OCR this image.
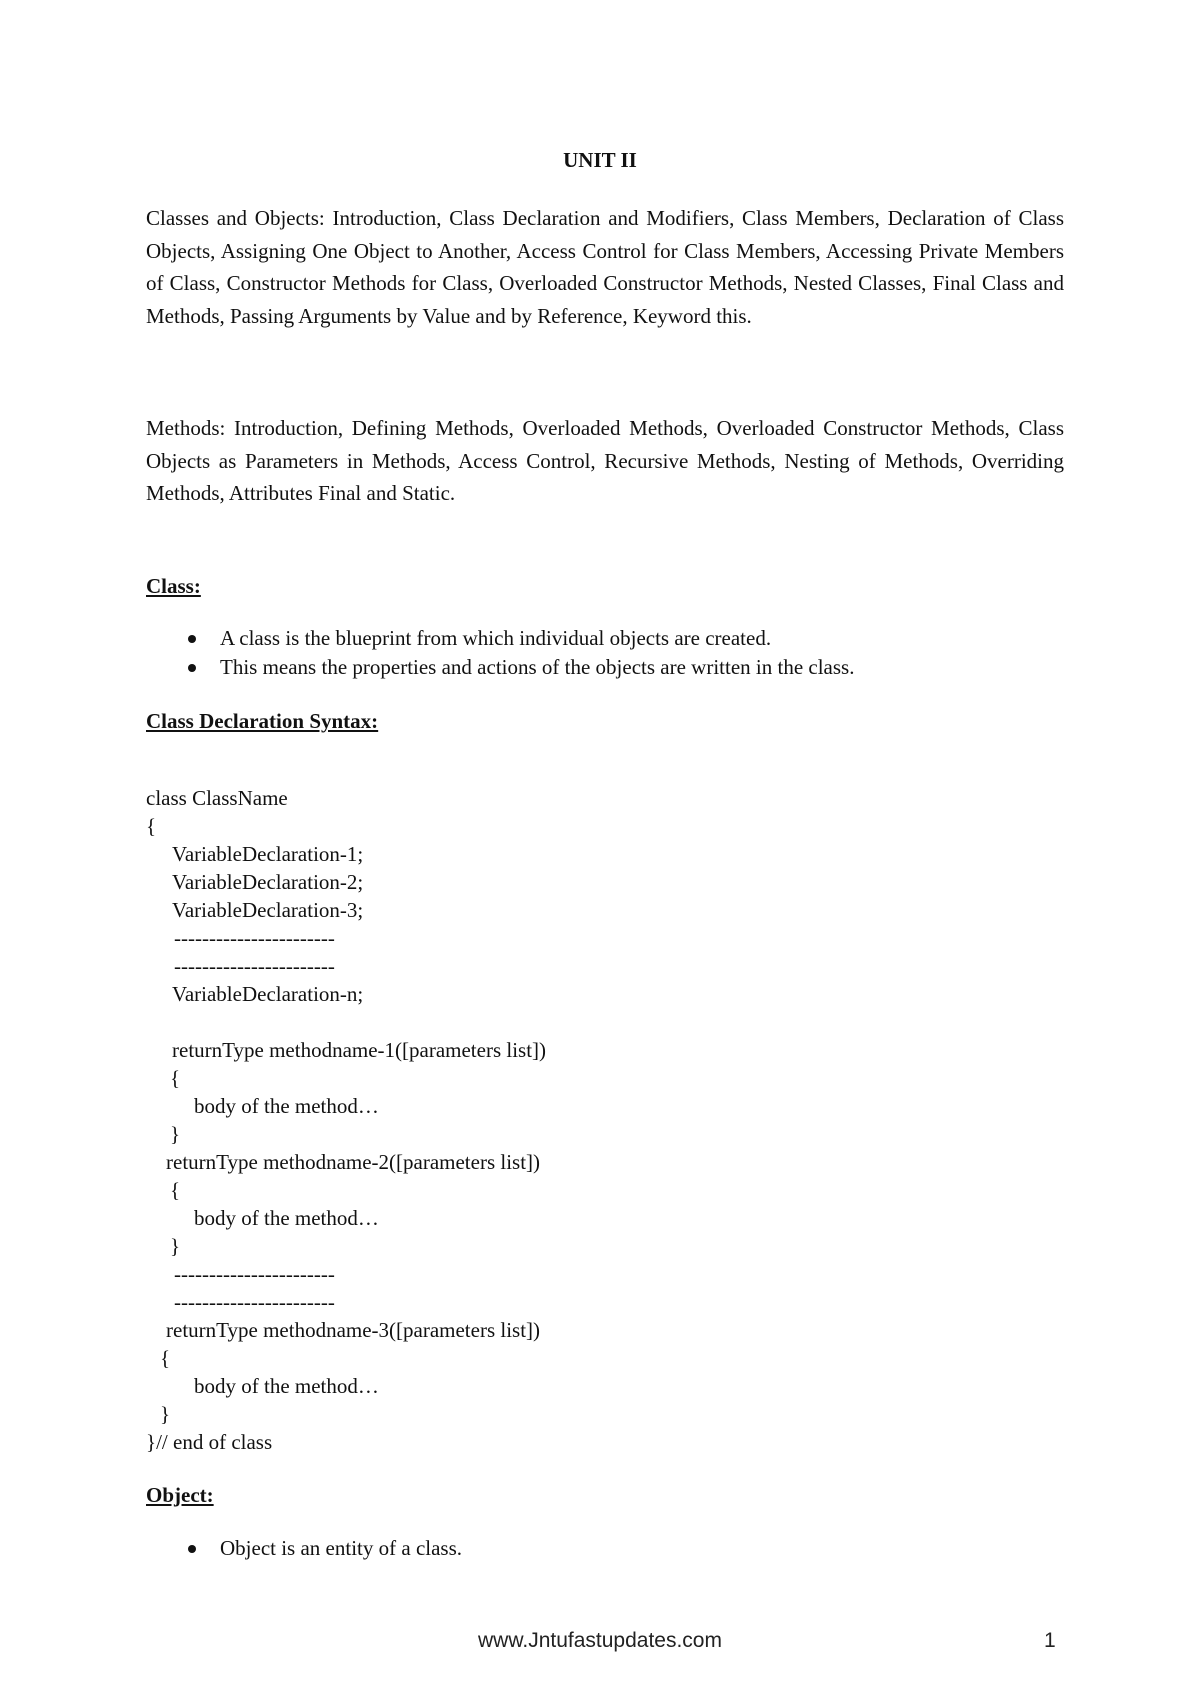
UNIT II
Classes and Objects: Introduction, Class Declaration and Modifiers, Class Members, Declaration of Class Objects, Assigning One Object to Another, Access Control for Class Members, Accessing Private Members of Class, Constructor Methods for Class, Overloaded Constructor Methods, Nested Classes, Final Class and Methods, Passing Arguments by Value and by Reference, Keyword this.
Methods: Introduction, Defining Methods, Overloaded Methods, Overloaded Constructor Methods, Class Objects as Parameters in Methods, Access Control, Recursive Methods, Nesting of Methods, Overriding Methods, Attributes Final and Static.
Class:
A class is the blueprint from which individual objects are created.
This means the properties and actions of the objects are written in the class.
Class Declaration Syntax:
class ClassName
{
VariableDeclaration-1;
VariableDeclaration-2;
VariableDeclaration-3;
-----------------------
-----------------------
VariableDeclaration-n;
returnType methodname-1([parameters list])
{
body of the method…
}
returnType methodname-2([parameters list])
{
body of the method…
}
-----------------------
-----------------------
returnType methodname-3([parameters list])
{
body of the method…
}
}// end of class
Object:
Object is an entity of a class.
www.Jntufastupdates.com	1
